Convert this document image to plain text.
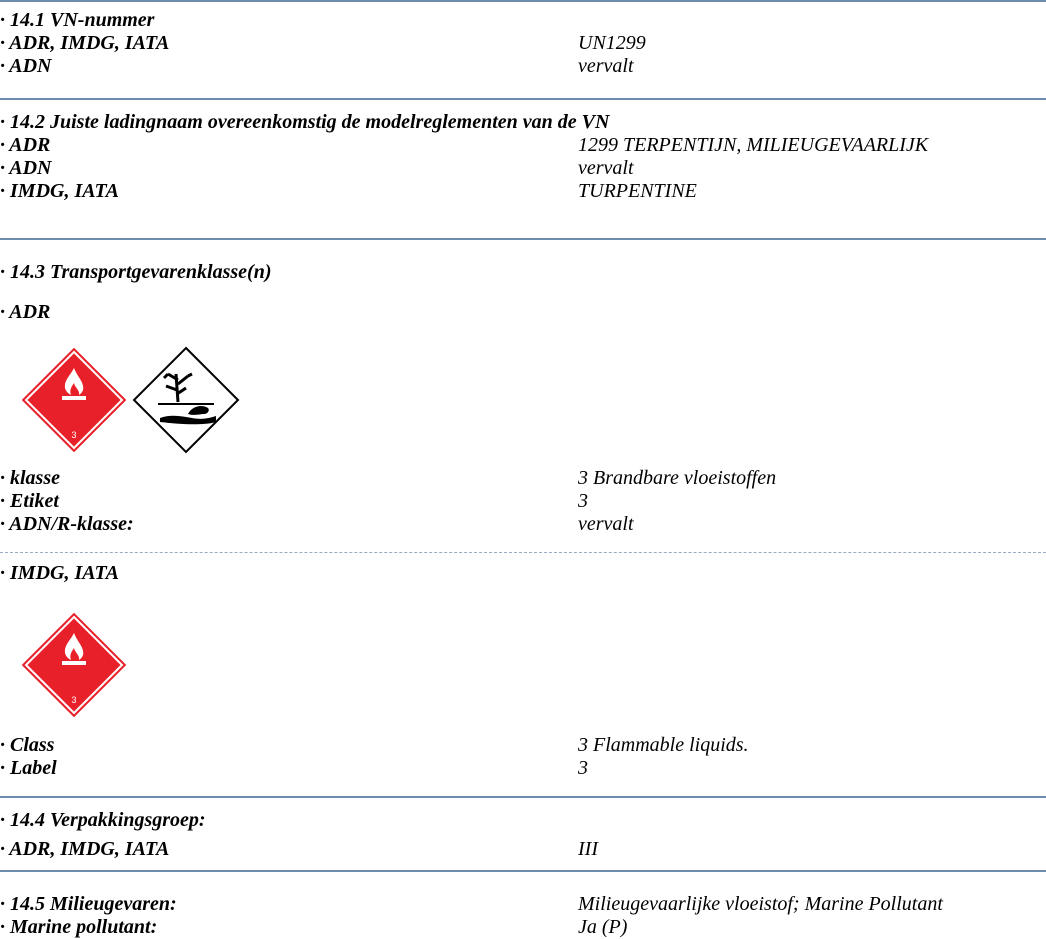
· 14.1 VN-nummer
· ADR, IMDG, IATA	UN1299
· ADN	vervalt
· 14.2 Juiste ladingnaam overeenkomstig de modelreglementen van de VN
· ADR	1299 TERPENTIJN, MILIEUGEVAARLIJK
· ADN	vervalt
· IMDG, IATA	TURPENTINE
· 14.3 Transportgevarenklasse(n)
· ADR
3
· klasse	3 Brandbare vloeistoffen
· Etiket	3
· ADN/R-klasse:	vervalt
· IMDG, IATA
3
· Class	3 Flammable liquids.
· Label	3
· 14.4 Verpakkingsgroep:
· ADR, IMDG, IATA	III
· 14.5 Milieugevaren:	Milieugevaarlijke vloeistof; Marine Pollutant
· Marine pollutant:	Ja (P)
